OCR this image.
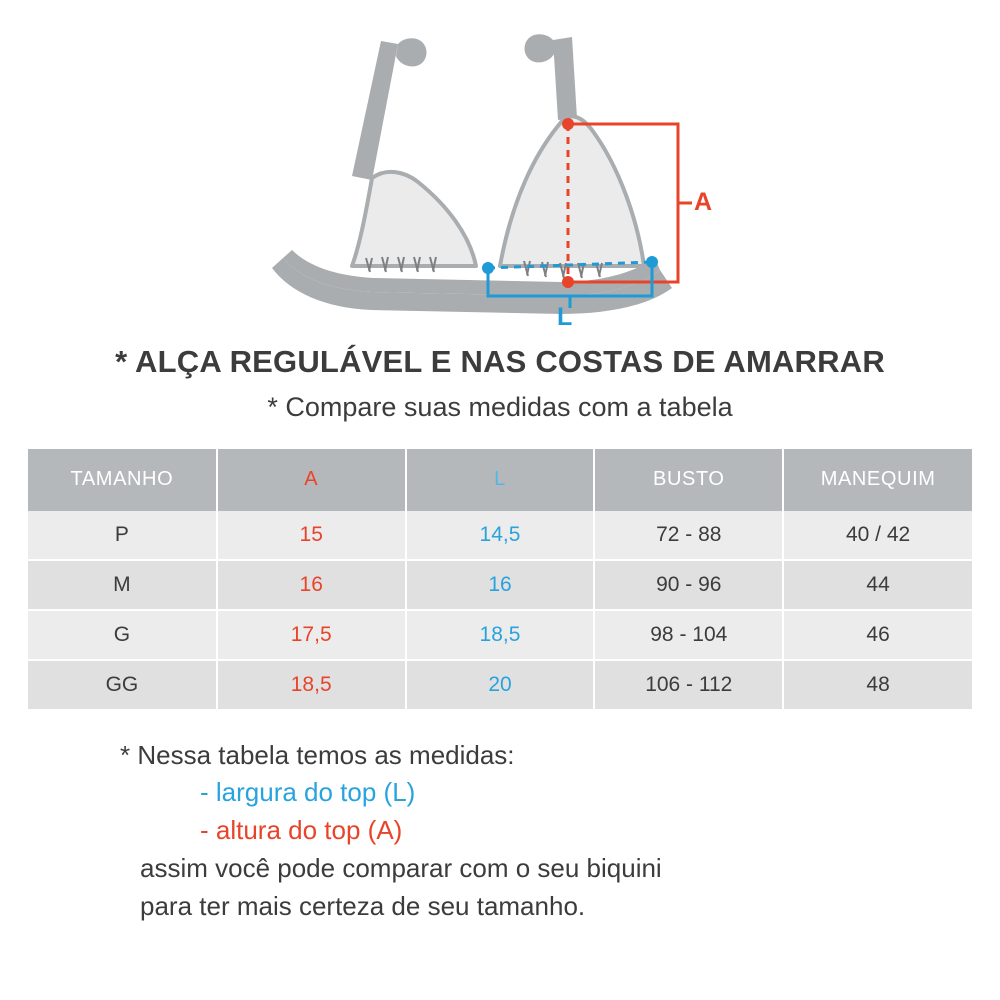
A
L
* ALÇA REGULÁVEL E NAS COSTAS DE AMARRAR
* Compare suas medidas com a tabela
TAMANHO	A	L	BUSTO	MANEQUIM
P	15	14,5	72 - 88	40 / 42
M	16	16	90 - 96	44
G	17,5	18,5	98 - 104	46
GG	18,5	20	106 - 112	48
* Nessa tabela temos as medidas:
- largura do top (L)
- altura do top (A)
assim você pode comparar com o seu biquini
para ter mais certeza de seu tamanho.
